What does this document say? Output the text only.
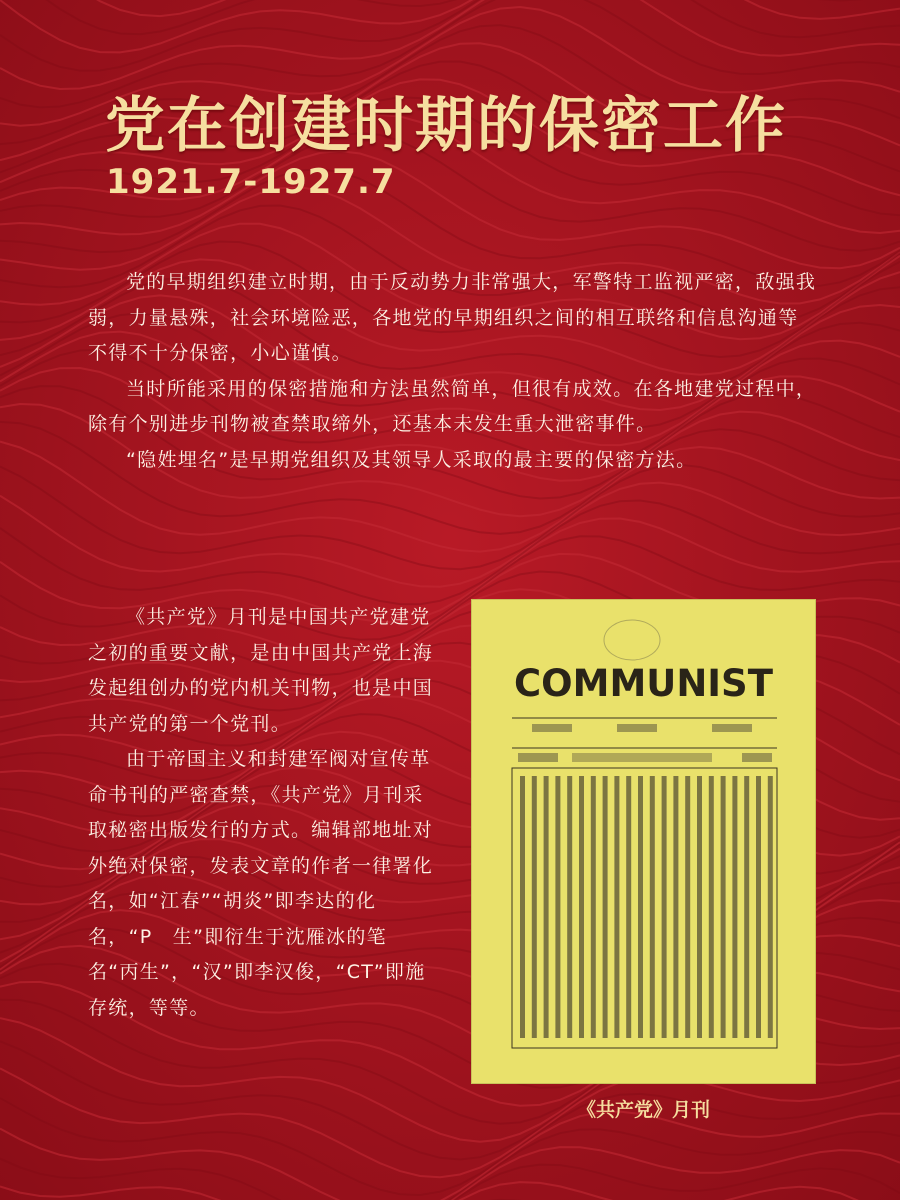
党在创建时期的保密工作
1921.7-1927.7

党的早期组织建立时期，由于反动势力非常强大，军警特工监视严密，敌强我弱，力量悬殊，社会环境险恶，各地党的早期组织之间的相互联络和信息沟通等不得不十分保密，小心谨慎。

当时所能采用的保密措施和方法虽然简单，但很有成效。在各地建党过程中，除有个别进步刊物被查禁取缔外，还基本未发生重大泄密事件。

“隐姓埋名”是早期党组织及其领导人采取的最主要的保密方法。

《共产党》月刊是中国共产党建党之初的重要文献，是由中国共产党上海发起组创办的党内机关刊物，也是中国共产党的第一个党刊。

由于帝国主义和封建军阀对宣传革命书刊的严密查禁，《共产党》月刊采取秘密出版发行的方式。编辑部地址对外绝对保密，发表文章的作者一律署化名，如“江春”“胡炎”即李达的化名，“P　生”即衍生于沈雁冰的笔名“丙生”，“汉”即李汉俊，“CT”即施存统，等等。

COMMUNIST
《共产党》月刊
